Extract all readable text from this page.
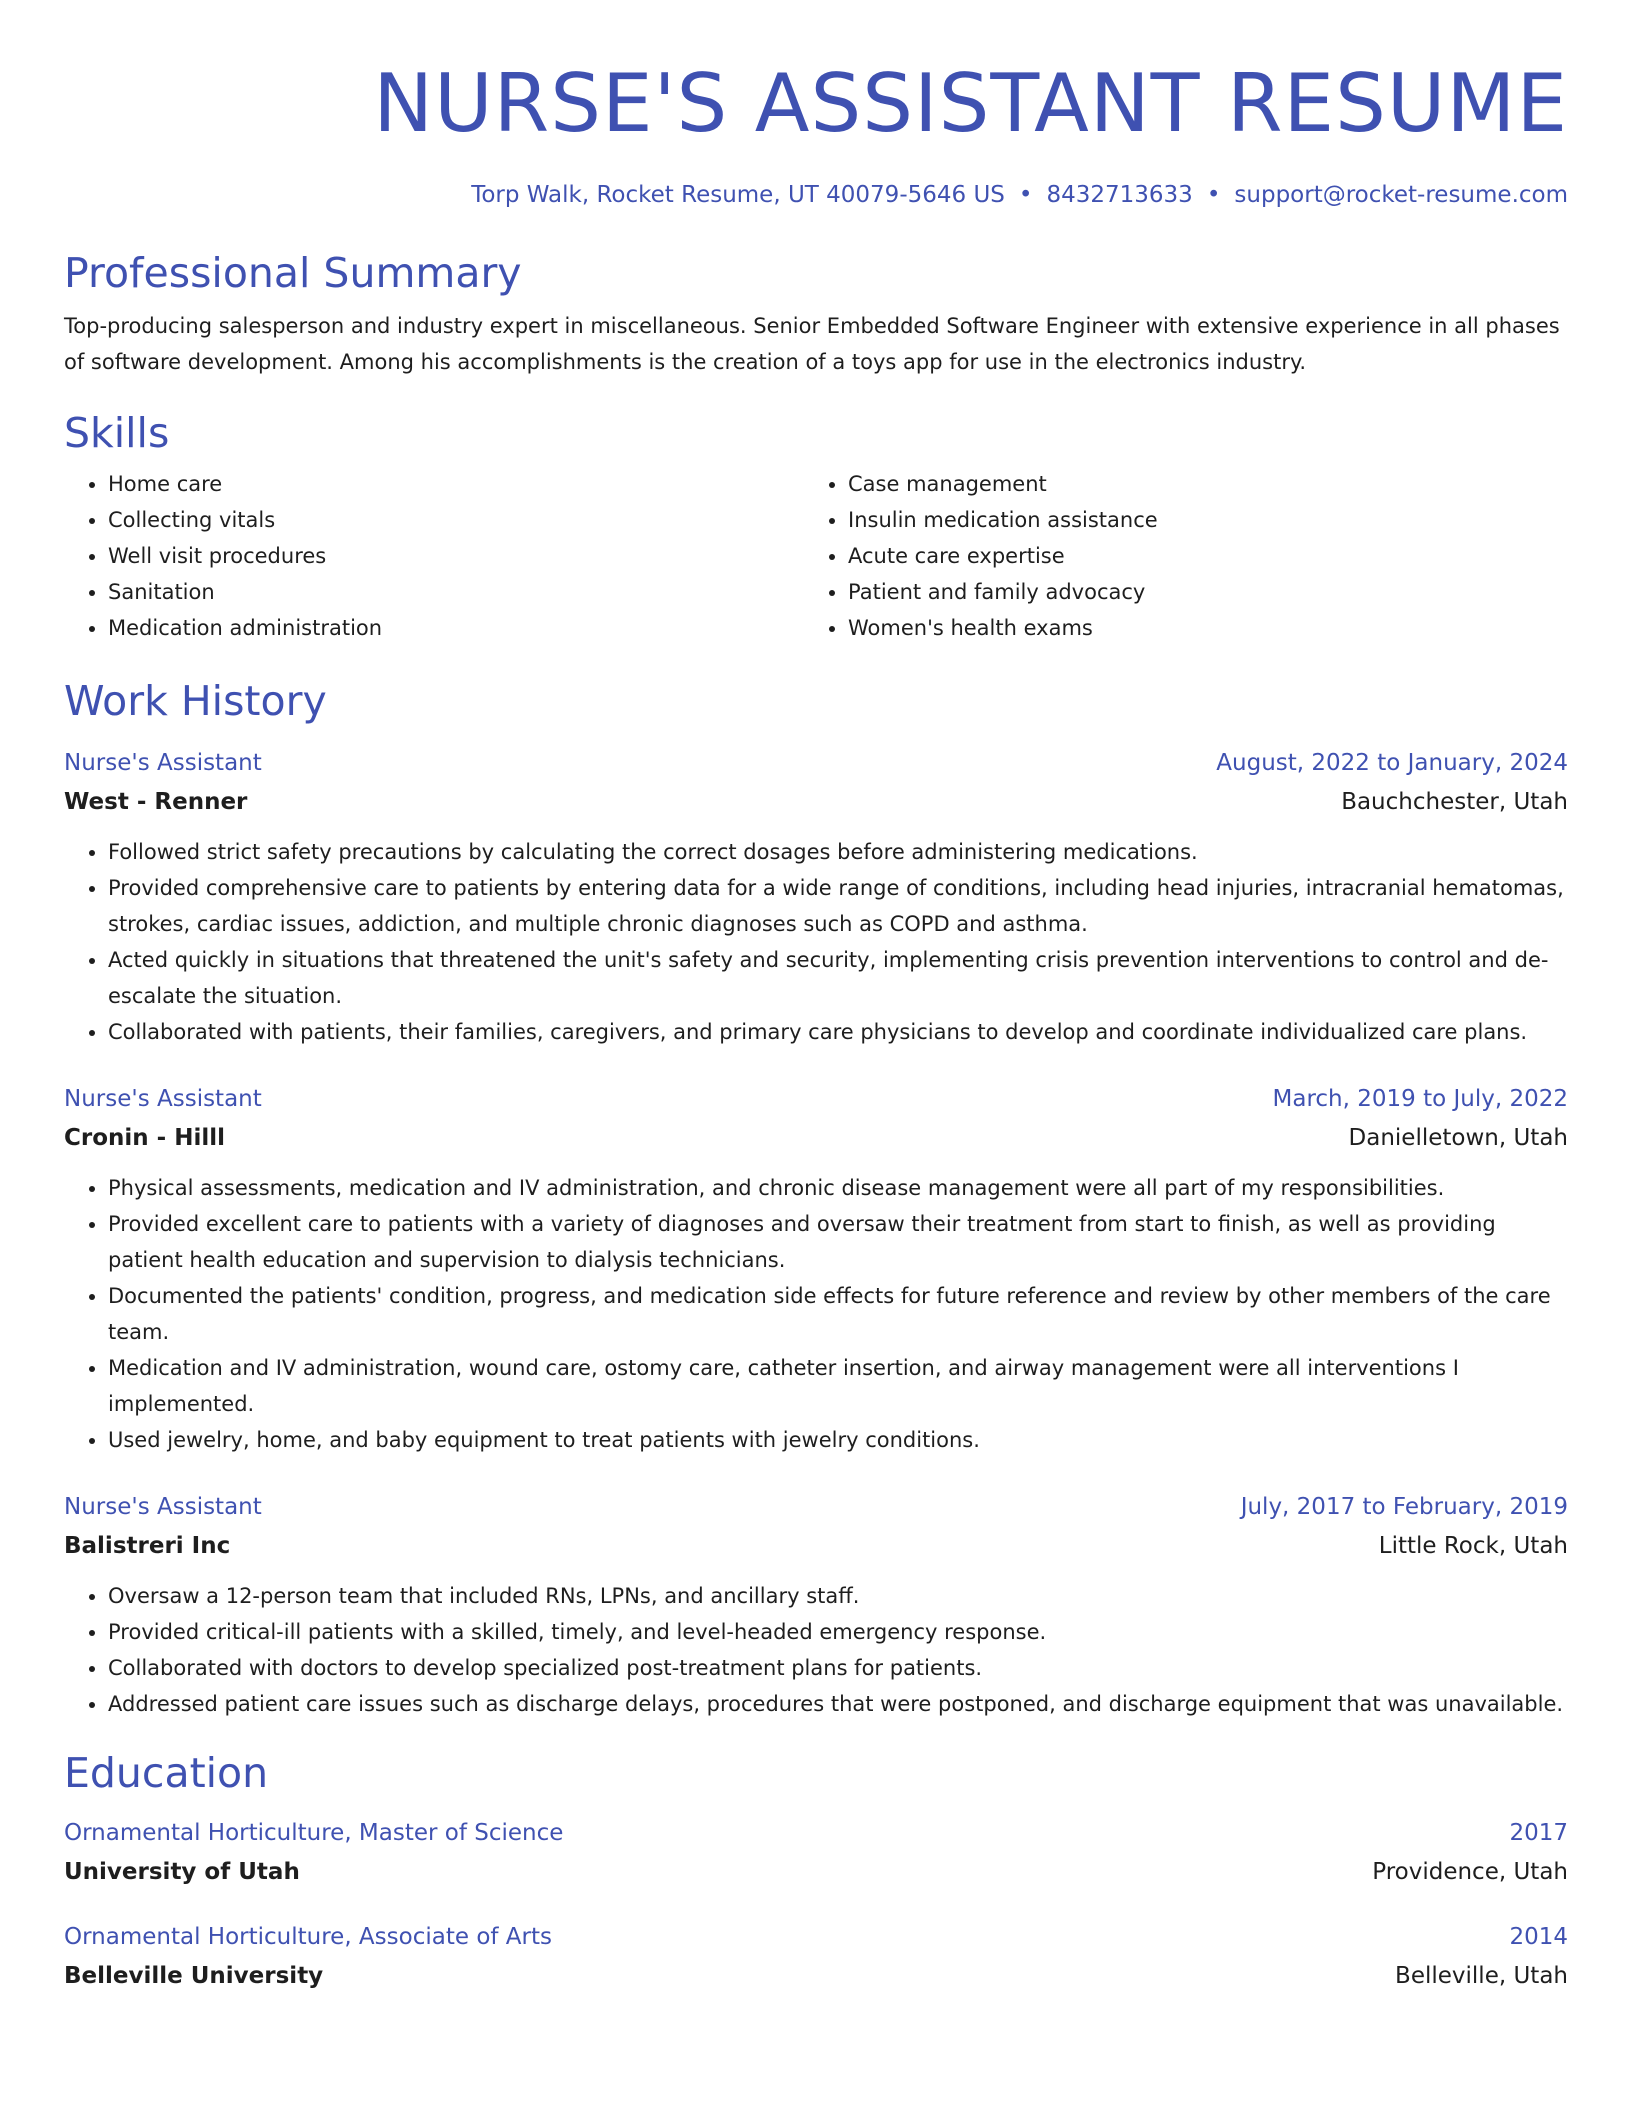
NURSE'S ASSISTANT RESUME
Torp Walk, Rocket Resume, UT 40079-5646 US • 8432713633 • support@rocket-resume.com
Professional Summary
Top-producing salesperson and industry expert in miscellaneous. Senior Embedded Software Engineer with extensive experience in all phases of software development. Among his accomplishments is the creation of a toys app for use in the electronics industry.
Skills
• Home care
• Collecting vitals
• Well visit procedures
• Sanitation
• Medication administration
• Case management
• Insulin medication assistance
• Acute care expertise
• Patient and family advocacy
• Women's health exams
Work History
Nurse's Assistant	August, 2022 to January, 2024
West - Renner	Bauchchester, Utah
• Followed strict safety precautions by calculating the correct dosages before administering medications.
• Provided comprehensive care to patients by entering data for a wide range of conditions, including head injuries, intracranial hematomas, strokes, cardiac issues, addiction, and multiple chronic diagnoses such as COPD and asthma.
• Acted quickly in situations that threatened the unit's safety and security, implementing crisis prevention interventions to control and de-escalate the situation.
• Collaborated with patients, their families, caregivers, and primary care physicians to develop and coordinate individualized care plans.
Nurse's Assistant	March, 2019 to July, 2022
Cronin - Hilll	Danielletown, Utah
• Physical assessments, medication and IV administration, and chronic disease management were all part of my responsibilities.
• Provided excellent care to patients with a variety of diagnoses and oversaw their treatment from start to finish, as well as providing patient health education and supervision to dialysis technicians.
• Documented the patients' condition, progress, and medication side effects for future reference and review by other members of the care team.
• Medication and IV administration, wound care, ostomy care, catheter insertion, and airway management were all interventions I implemented.
• Used jewelry, home, and baby equipment to treat patients with jewelry conditions.
Nurse's Assistant	July, 2017 to February, 2019
Balistreri Inc	Little Rock, Utah
• Oversaw a 12-person team that included RNs, LPNs, and ancillary staff.
• Provided critical-ill patients with a skilled, timely, and level-headed emergency response.
• Collaborated with doctors to develop specialized post-treatment plans for patients.
• Addressed patient care issues such as discharge delays, procedures that were postponed, and discharge equipment that was unavailable.
Education
Ornamental Horticulture, Master of Science	2017
University of Utah	Providence, Utah
Ornamental Horticulture, Associate of Arts	2014
Belleville University	Belleville, Utah
